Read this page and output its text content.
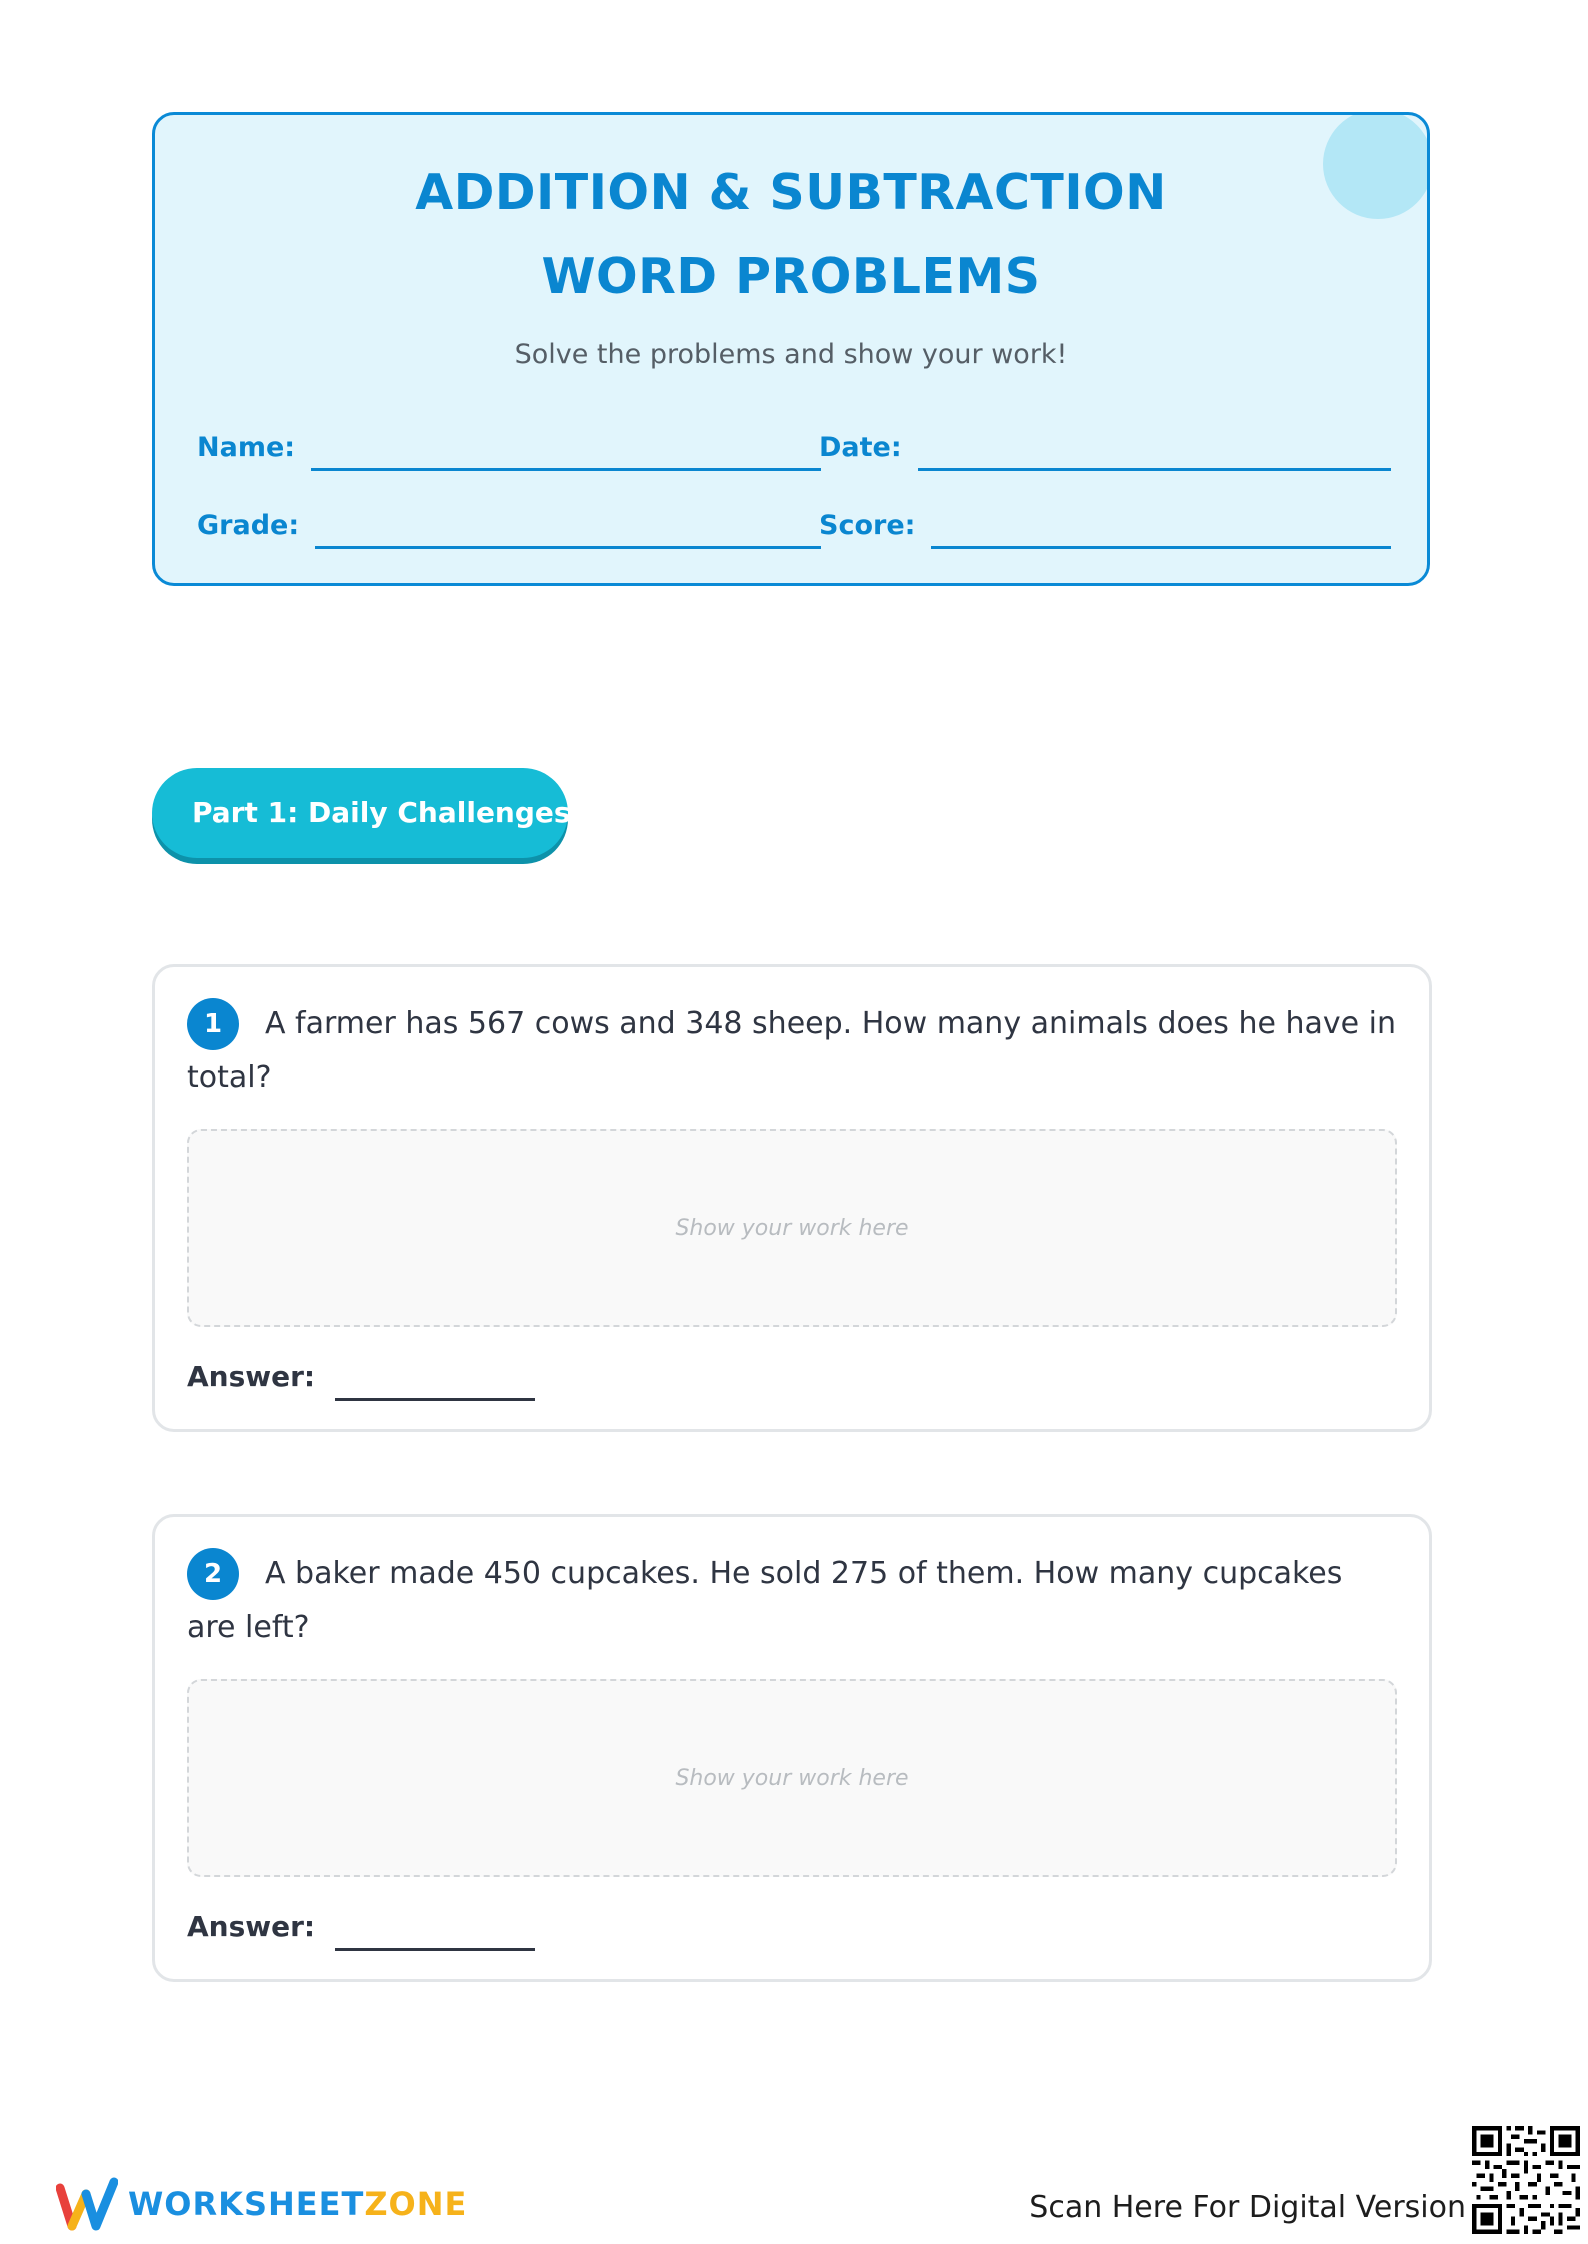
ADDITION & SUBTRACTION WORD PROBLEMS
Solve the problems and show your work!
Name:	Date:
Grade:	Score:
Part 1: Daily Challenges
1 A farmer has 567 cows and 348 sheep. How many animals does he have in total?
Show your work here
Answer:
2 A baker made 450 cupcakes. He sold 275 of them. How many cupcakes are left?
Show your work here
Answer:
WORKSHEETZONE	Scan Here For Digital Version
